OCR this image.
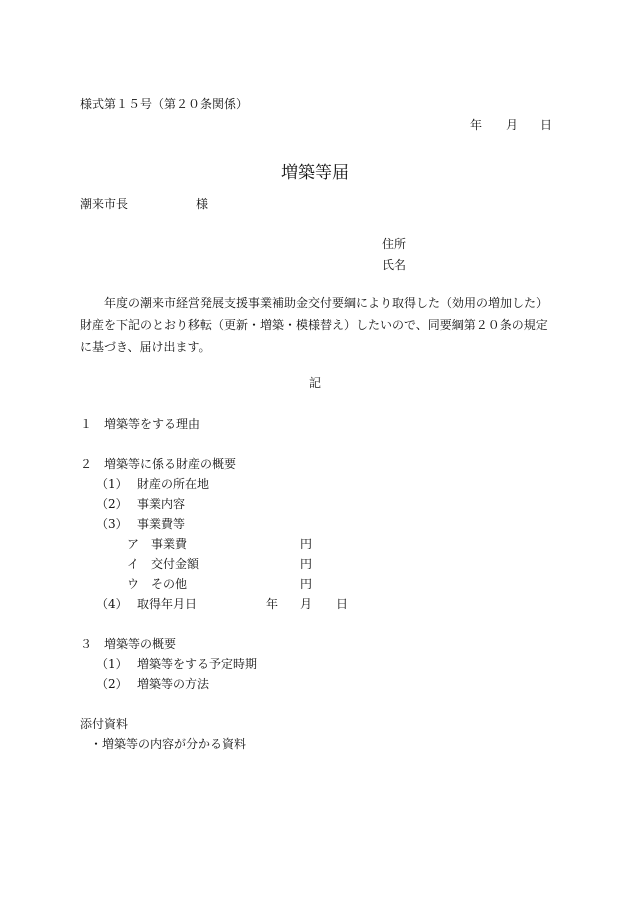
様式第１５号（第２０条関係）
年 月 日
増築等届
潮来市長	様
住所
氏名
年度の潮来市経営発展支援事業補助金交付要綱により取得した（効用の増加した）財産を下記のとおり移転（更新・増築・模様替え）したいので、同要綱第２０条の規定に基づき、届け出ます。
記
１　増築等をする理由
２　増築等に係る財産の概要
（1） 財産の所在地
（2） 事業内容
（3） 事業費等
ア　事業費	円
イ　交付金額	円
ウ　その他	円
（4） 取得年月日	年 月 日
３　増築等の概要
（1） 増築等をする予定時期
（2） 増築等の方法
添付資料
・増築等の内容が分かる資料
